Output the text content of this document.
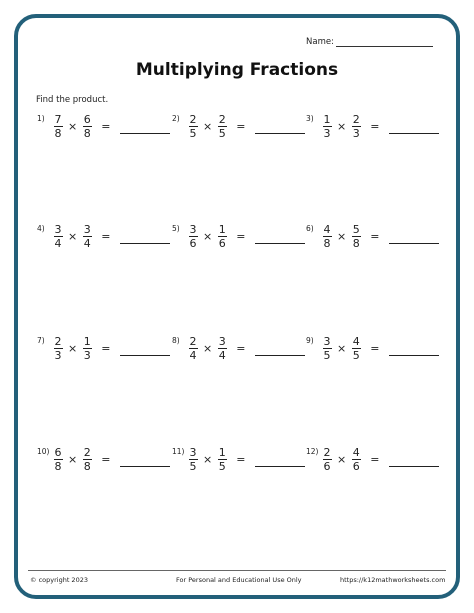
Name:
Multiplying Fractions
Find the product.
$1) \frac{7}{8} \times \frac{6}{8}$ =
$2) \frac{2}{5} \times \frac{2}{5}$ =
$3) \frac{1}{3} \times \frac{2}{3}$ =
$4) \frac{3}{4} \times \frac{3}{4}$ =
$5) \frac{3}{6} \times \frac{1}{6}$ =
$6) \frac{4}{8} \times \frac{5}{8}$ =
$7) \frac{2}{3} \times \frac{1}{3}$ =
$8) \frac{2}{4} \times \frac{3}{4}$ =
$9) \frac{3}{5} \times \frac{4}{5}$ =
$10) \frac{6}{8} \times \frac{2}{8}$ =
$11) \frac{3}{5} \times \frac{1}{5}$ =
$12) \frac{2}{6} \times \frac{4}{6}$ =
© copyright 2023	For Personal and Educational Use Only	https://k12mathworksheets.com
